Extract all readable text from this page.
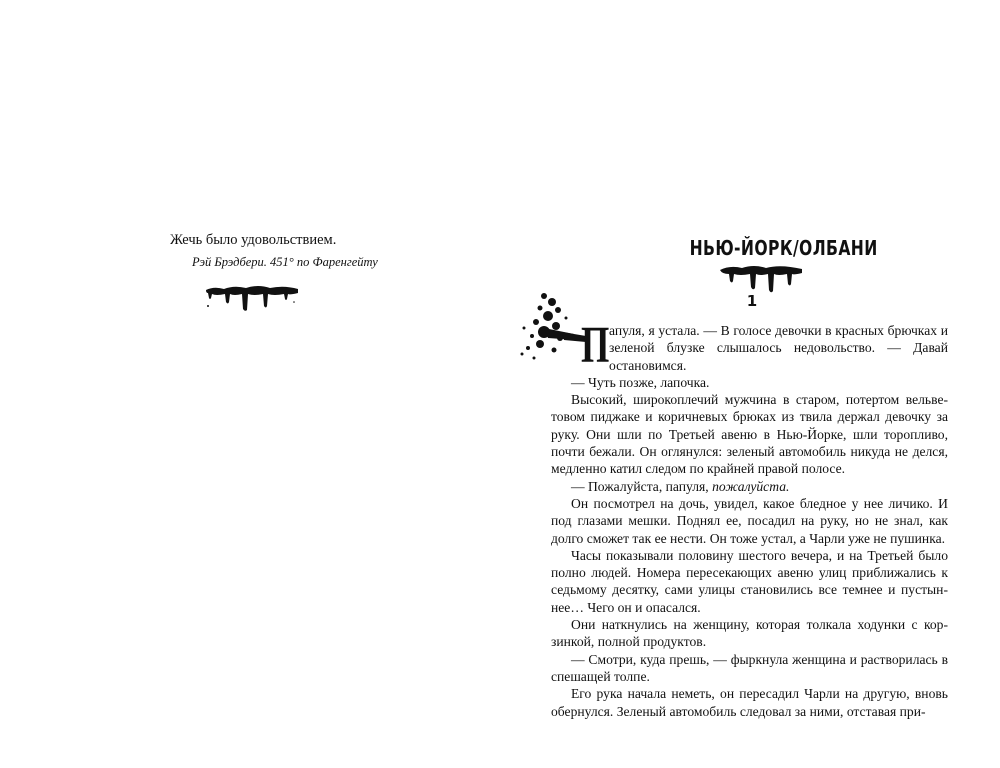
Жечь было удовольствием.

Рэй Брэдбери. 451° по Фаренгейту

НЬЮ-ЙОРК/ОЛБАНИ

1

Папуля, я устала. — В голосе девочки в красных брючках и зеленой блузке слышалось недовольство. — Давай остановимся.

— Чуть позже, лапочка.

Высокий, широкоплечий мужчина в старом, потертом вельве-товом пиджаке и коричневых брюках из твила держал девочку за руку. Они шли по Третьей авеню в Нью-Йорке, шли торопливо, почти бежали. Он оглянулся: зеленый автомобиль никуда не делся, медленно катил следом по крайней правой полосе.

— Пожалуйста, папуля, пожалуйста.

Он посмотрел на дочь, увидел, какое бледное у нее личико. И под глазами мешки. Поднял ее, посадил на руку, но не знал, как долго сможет так ее нести. Он тоже устал, а Чарли уже не пушинка.

Часы показывали половину шестого вечера, и на Третьей было полно людей. Номера пересекающих авеню улиц приближались к седьмому десятку, сами улицы становились все темнее и пустын-нее… Чего он и опасался.

Они наткнулись на женщину, которая толкала ходунки с кор-зинкой, полной продуктов.

— Смотри, куда прешь, — фыркнула женщина и растворилась в спешащей толпе.

Его рука начала неметь, он пересадил Чарли на другую, вновь обернулся. Зеленый автомобиль следовал за ними, отставая при-
